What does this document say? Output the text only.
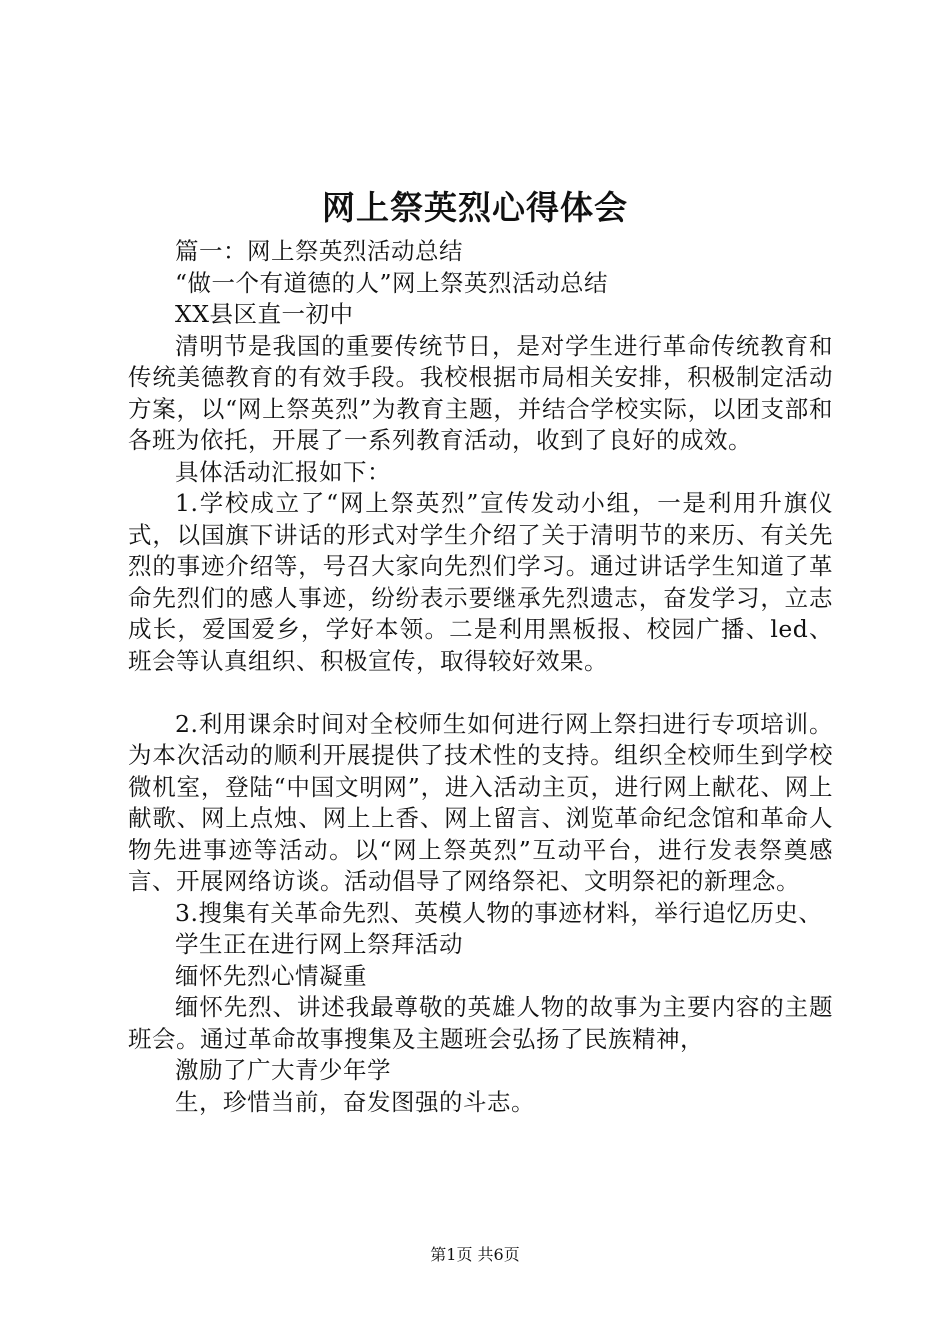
网上祭英烈心得体会

篇一：网上祭英烈活动总结

“做一个有道德的人”网上祭英烈活动总结

XX县区直一初中

清明节是我国的重要传统节日，是对学生进行革命传统教育和传统美德教育的有效手段。我校根据市局相关安排，积极制定活动方案，以“网上祭英烈”为教育主题，并结合学校实际，以团支部和各班为依托，开展了一系列教育活动，收到了良好的成效。

具体活动汇报如下：

1.学校成立了“网上祭英烈”宣传发动小组，一是利用升旗仪式，以国旗下讲话的形式对学生介绍了关于清明节的来历、有关先烈的事迹介绍等，号召大家向先烈们学习。通过讲话学生知道了革命先烈们的感人事迹，纷纷表示要继承先烈遗志，奋发学习，立志成长，爱国爱乡，学好本领。二是利用黑板报、校园广播、led、班会等认真组织、积极宣传，取得较好效果。

2.利用课余时间对全校师生如何进行网上祭扫进行专项培训。为本次活动的顺利开展提供了技术性的支持。组织全校师生到学校微机室，登陆“中国文明网”，进入活动主页，进行网上献花、网上献歌、网上点烛、网上上香、网上留言、浏览革命纪念馆和革命人物先进事迹等活动。以“网上祭英烈”互动平台，进行发表祭奠感言、开展网络访谈。活动倡导了网络祭祀、文明祭祀的新理念。

3.搜集有关革命先烈、英模人物的事迹材料，举行追忆历史、

学生正在进行网上祭拜活动

缅怀先烈心情凝重

缅怀先烈、讲述我最尊敬的英雄人物的故事为主要内容的主题班会。通过革命故事搜集及主题班会弘扬了民族精神，

激励了广大青少年学

生，珍惜当前，奋发图强的斗志。

第1页 共6页
